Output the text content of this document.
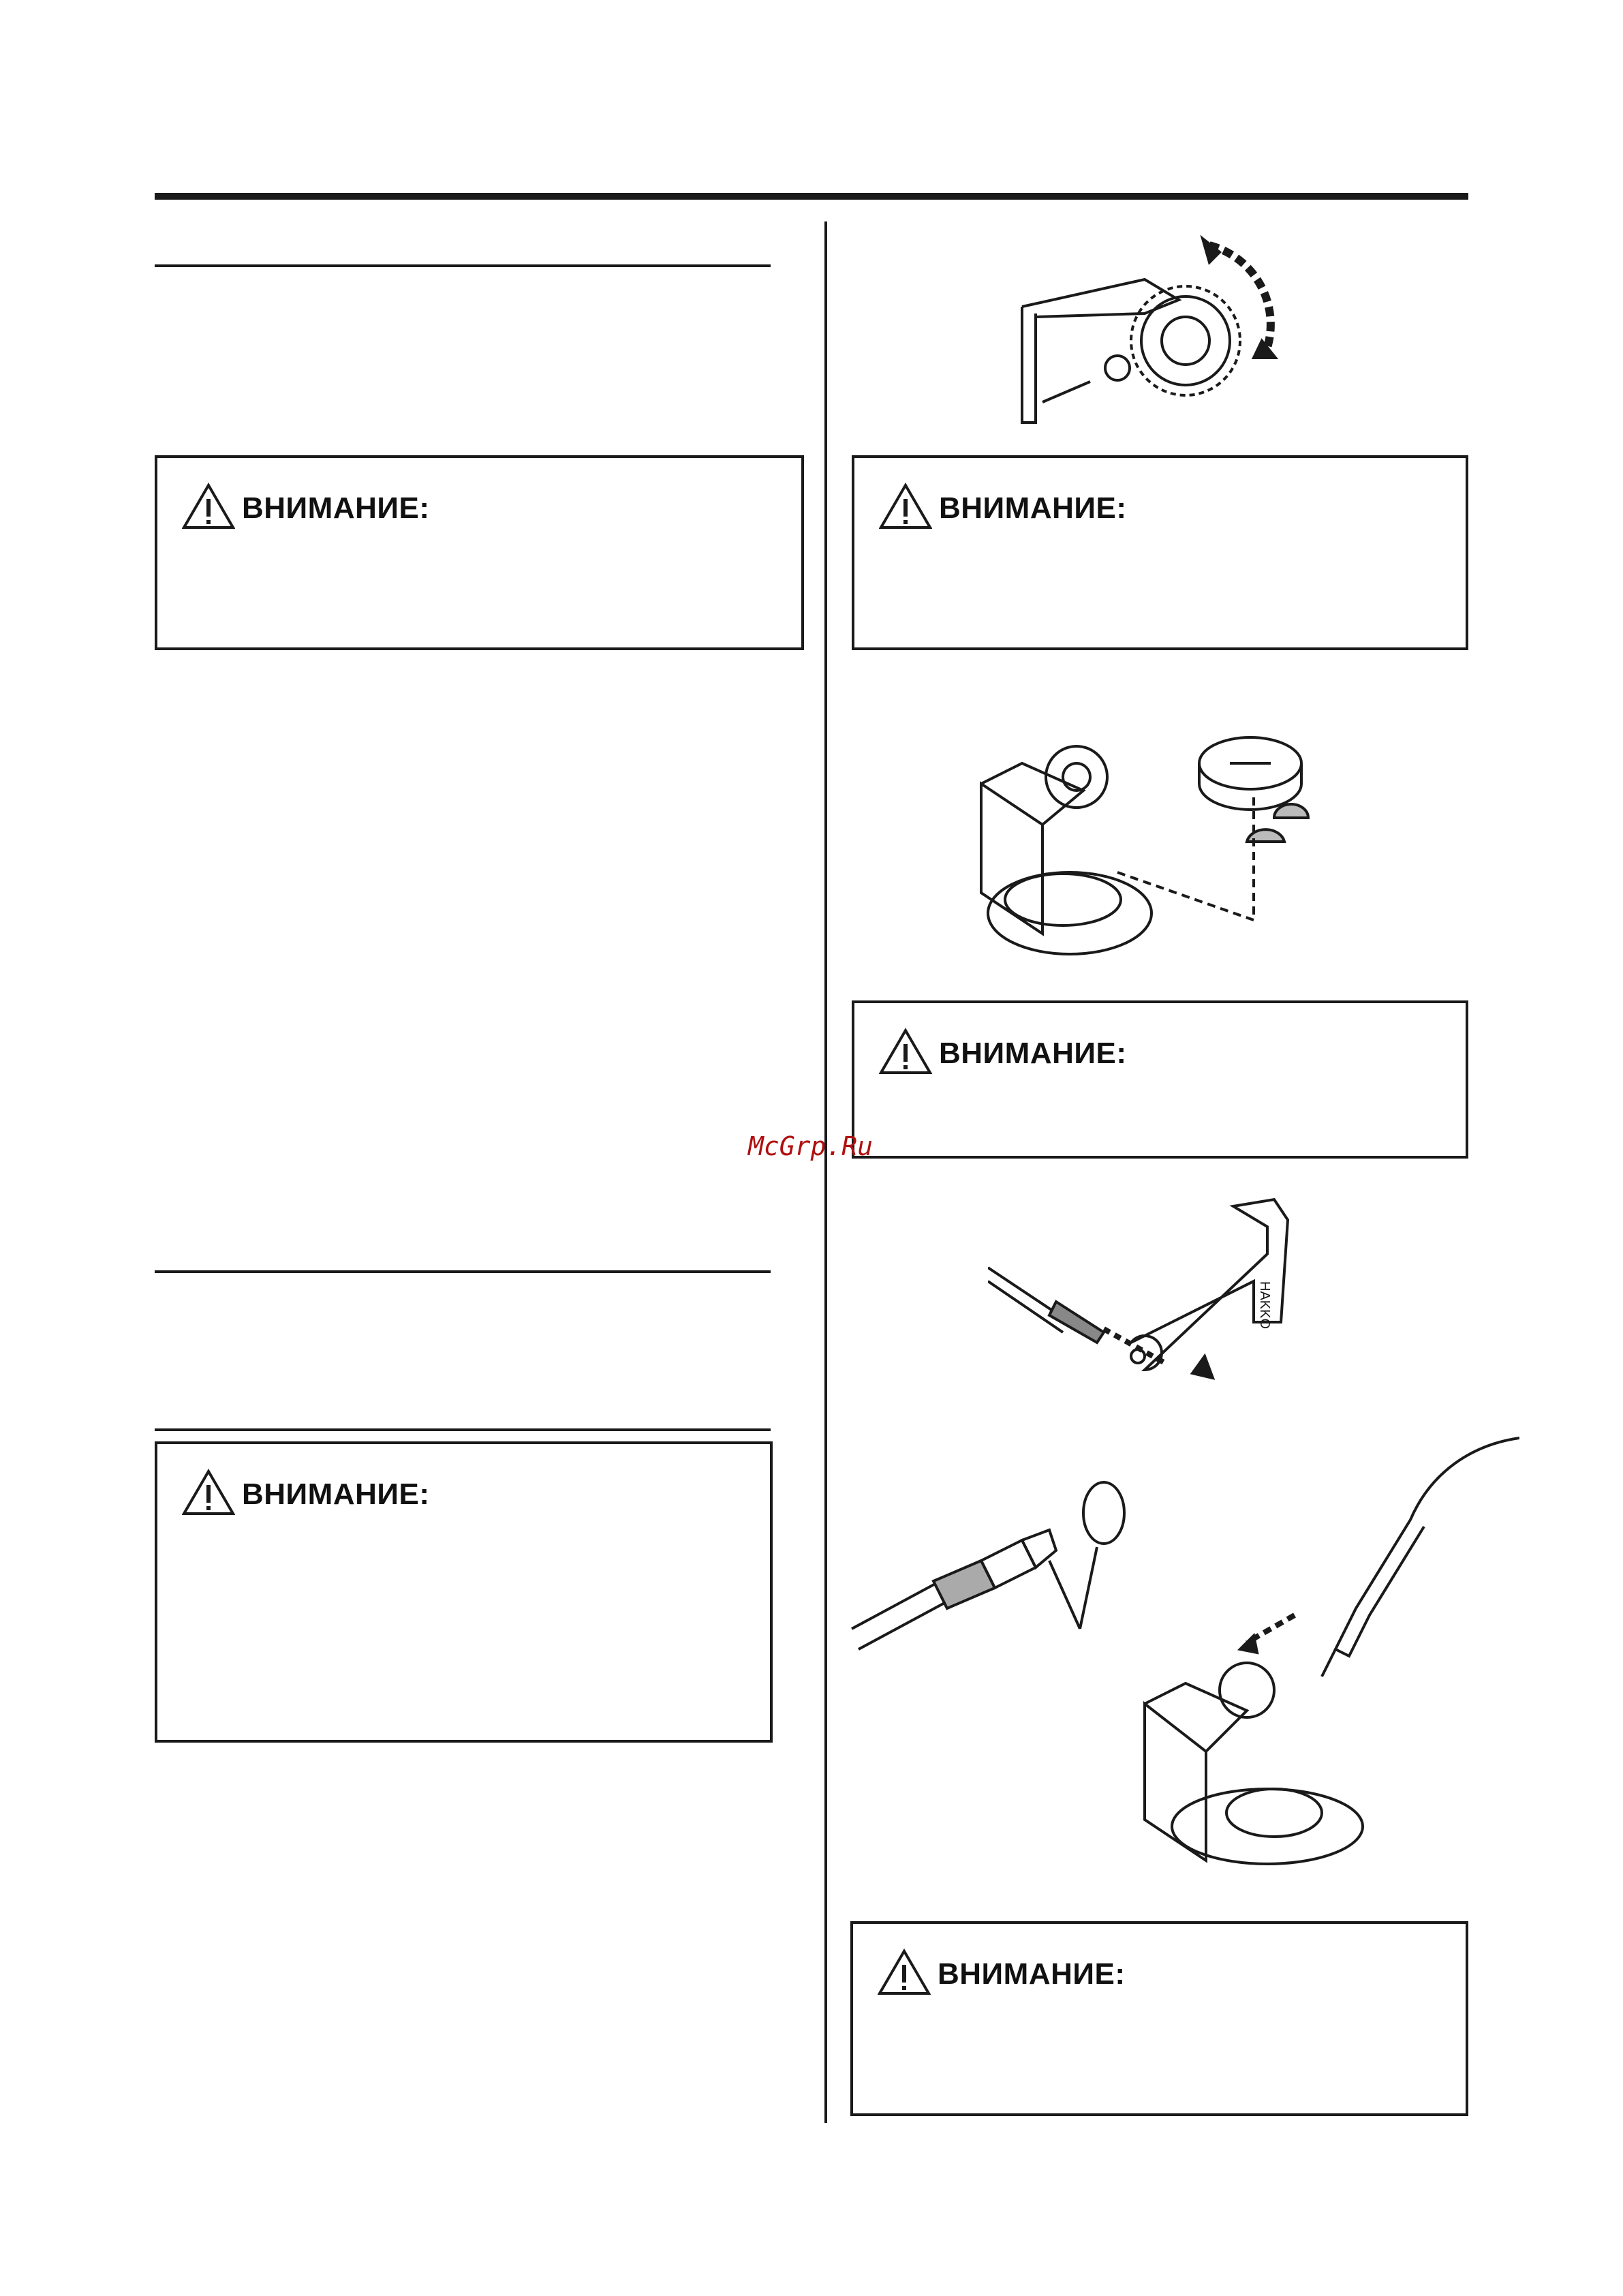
ВНИМАНИЕ:
ВНИМАНИЕ:
ВНИМАНИЕ:
ВНИМАНИЕ:
ВНИМАНИЕ:
McGrp.Ru
HAKKO
